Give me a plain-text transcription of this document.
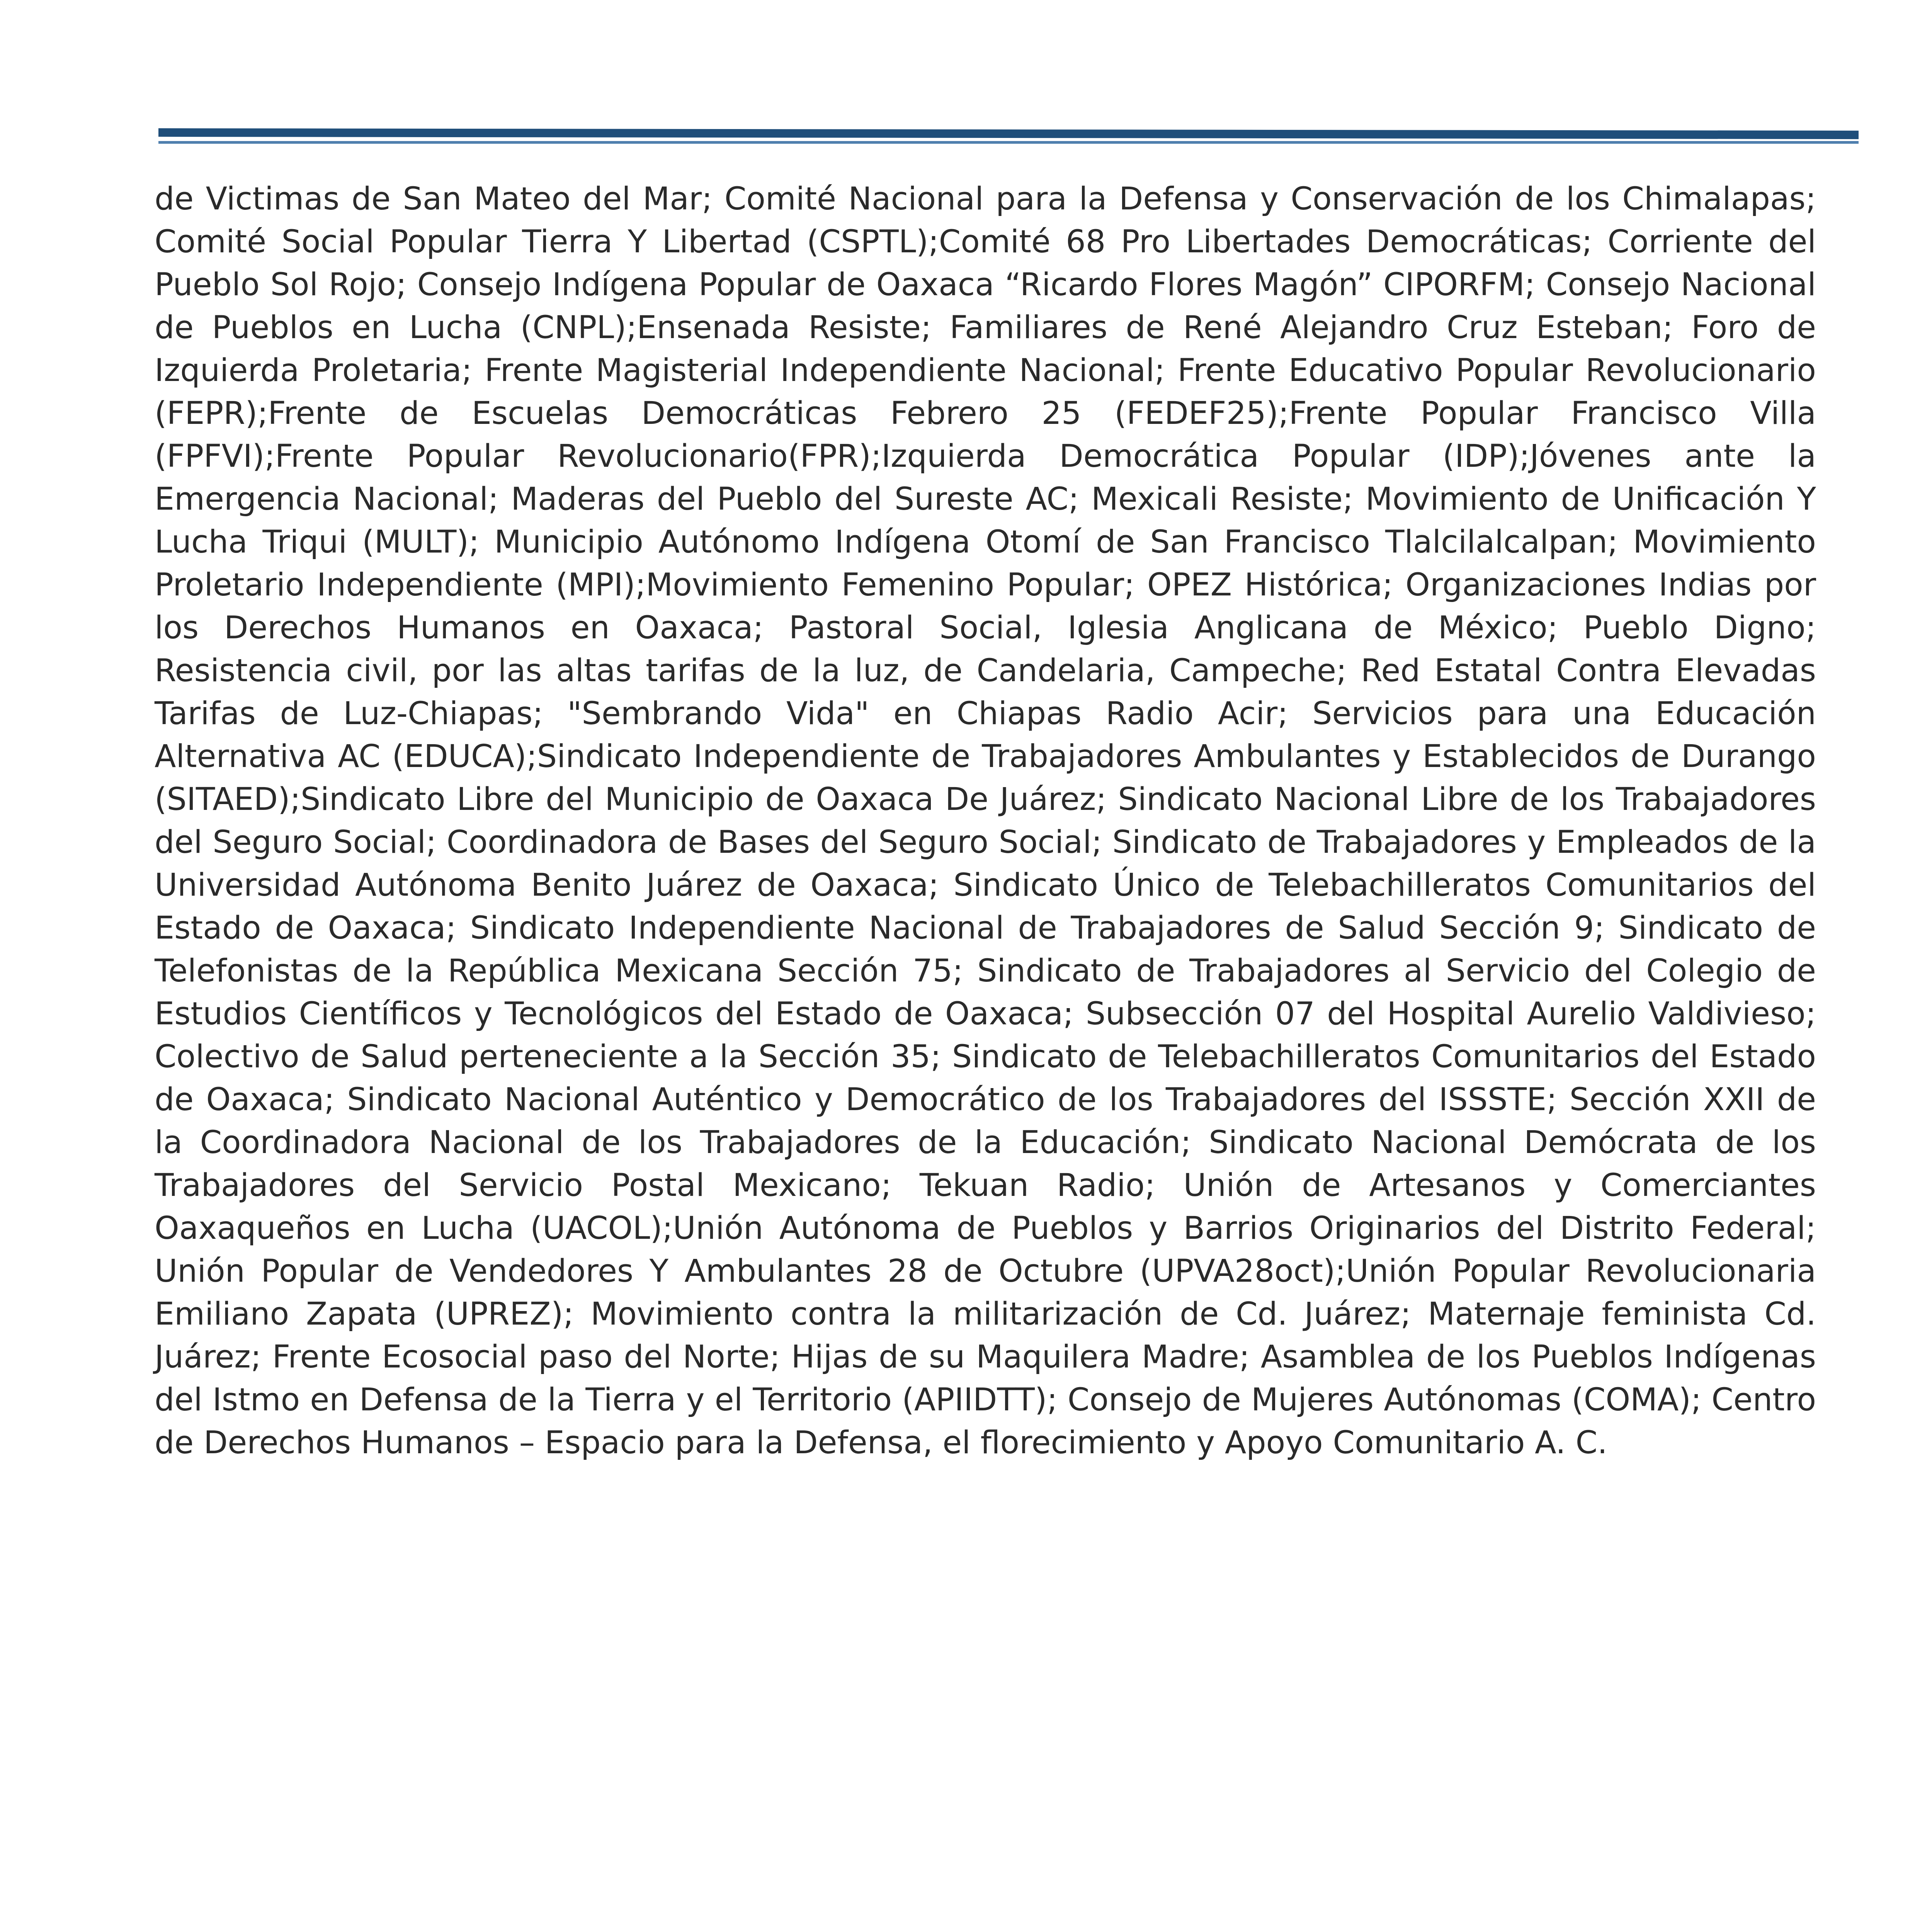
de Victimas de San Mateo del Mar; Comité Nacional para la Defensa y Conservación de los Chimalapas; Comité Social Popular Tierra Y Libertad (CSPTL);Comité 68 Pro Libertades Democráticas; Corriente del Pueblo Sol Rojo; Consejo Indígena Popular de Oaxaca “Ricardo Flores Magón” CIPORFM; Consejo Nacional de Pueblos en Lucha (CNPL);Ensenada Resiste; Familiares de René Alejandro Cruz Esteban; Foro de Izquierda Proletaria; Frente Magisterial Independiente Nacional; Frente Educativo Popular Revolucionario (FEPR);Frente de Escuelas Democráticas Febrero 25 (FEDEF25);Frente Popular Francisco Villa (FPFVI);Frente Popular Revolucionario(FPR);Izquierda Democrática Popular (IDP);Jóvenes ante la Emergencia Nacional; Maderas del Pueblo del Sureste AC; Mexicali Resiste; Movimiento de Unificación Y Lucha Triqui (MULT); Municipio Autónomo Indígena Otomí de San Francisco Tlalcilalcalpan; Movimiento Proletario Independiente (MPI);Movimiento Femenino Popular; OPEZ Histórica; Organizaciones Indias por los Derechos Humanos en Oaxaca; Pastoral Social, Iglesia Anglicana de México; Pueblo Digno; Resistencia civil, por las altas tarifas de la luz, de Candelaria, Campeche; Red Estatal Contra Elevadas Tarifas de Luz-Chiapas; "Sembrando Vida" en Chiapas Radio Acir; Servicios para una Educación Alternativa AC (EDUCA);Sindicato Independiente de Trabajadores Ambulantes y Establecidos de Durango (SITAED);Sindicato Libre del Municipio de Oaxaca De Juárez; Sindicato Nacional Libre de los Trabajadores del Seguro Social; Coordinadora de Bases del Seguro Social; Sindicato de Trabajadores y Empleados de la Universidad Autónoma Benito Juárez de Oaxaca; Sindicato Único de Telebachilleratos Comunitarios del Estado de Oaxaca; Sindicato Independiente Nacional de Trabajadores de Salud Sección 9; Sindicato de Telefonistas de la República Mexicana Sección 75; Sindicato de Trabajadores al Servicio del Colegio de Estudios Científicos y Tecnológicos del Estado de Oaxaca; Subsección 07 del Hospital Aurelio Valdivieso; Colectivo de Salud perteneciente a la Sección 35; Sindicato de Telebachilleratos Comunitarios del Estado de Oaxaca; Sindicato Nacional Auténtico y Democrático de los Trabajadores del ISSSTE; Sección XXII de la Coordinadora Nacional de los Trabajadores de la Educación; Sindicato Nacional Demócrata de los Trabajadores del Servicio Postal Mexicano; Tekuan Radio; Unión de Artesanos y Comerciantes Oaxaqueños en Lucha (UACOL);Unión Autónoma de Pueblos y Barrios Originarios del Distrito Federal; Unión Popular de Vendedores Y Ambulantes 28 de Octubre (UPVA28oct);Unión Popular Revolucionaria Emiliano Zapata (UPREZ); Movimiento contra la militarización de Cd. Juárez; Maternaje feminista Cd. Juárez; Frente Ecosocial paso del Norte; Hijas de su Maquilera Madre; Asamblea de los Pueblos Indígenas del Istmo en Defensa de la Tierra y el Territorio (APIIDTT); Consejo de Mujeres Autónomas (COMA); Centro de Derechos Humanos – Espacio para la Defensa, el florecimiento y Apoyo Comunitario A. C.
